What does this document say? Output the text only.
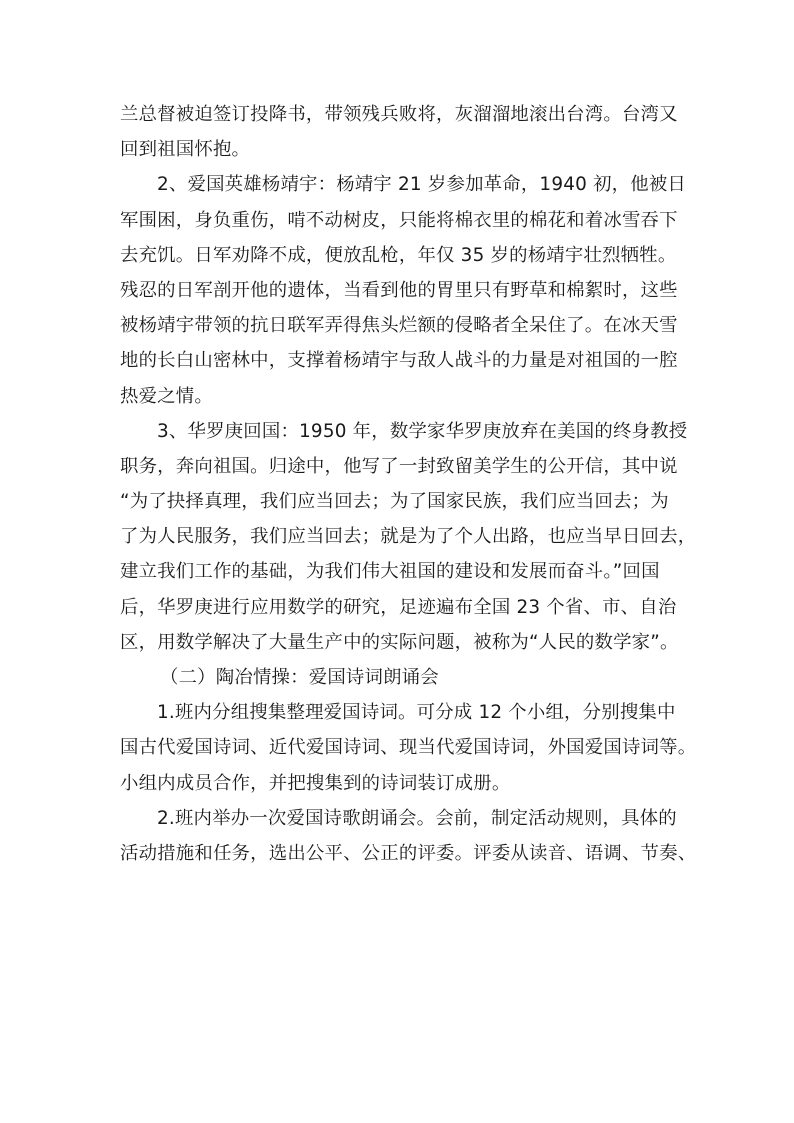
兰总督被迫签订投降书，带领残兵败将，灰溜溜地滚出台湾。台湾又
回到祖国怀抱。
2、爱国英雄杨靖宇：杨靖宇 21 岁参加革命，1940 初，他被日
军围困，身负重伤，啃不动树皮，只能将棉衣里的棉花和着冰雪吞下
去充饥。日军劝降不成，便放乱枪，年仅 35 岁的杨靖宇壮烈牺牲。
残忍的日军剖开他的遗体，当看到他的胃里只有野草和棉絮时，这些
被杨靖宇带领的抗日联军弄得焦头烂额的侵略者全呆住了。在冰天雪
地的长白山密林中，支撑着杨靖宇与敌人战斗的力量是对祖国的一腔
热爱之情。
3、华罗庚回国：1950 年，数学家华罗庚放弃在美国的终身教授
职务，奔向祖国。归途中，他写了一封致留美学生的公开信，其中说
“为了抉择真理，我们应当回去；为了国家民族，我们应当回去；为
了为人民服务，我们应当回去；就是为了个人出路，也应当早日回去，
建立我们工作的基础，为我们伟大祖国的建设和发展而奋斗。”回国
后，华罗庚进行应用数学的研究，足迹遍布全国 23 个省、市、自治
区，用数学解决了大量生产中的实际问题，被称为“人民的数学家”。
（二）陶冶情操：爱国诗词朗诵会
1.班内分组搜集整理爱国诗词。可分成 12 个小组，分别搜集中
国古代爱国诗词、近代爱国诗词、现当代爱国诗词，外国爱国诗词等。
小组内成员合作，并把搜集到的诗词装订成册。
2.班内举办一次爱国诗歌朗诵会。会前，制定活动规则，具体的
活动措施和任务，选出公平、公正的评委。评委从读音、语调、节奏、
